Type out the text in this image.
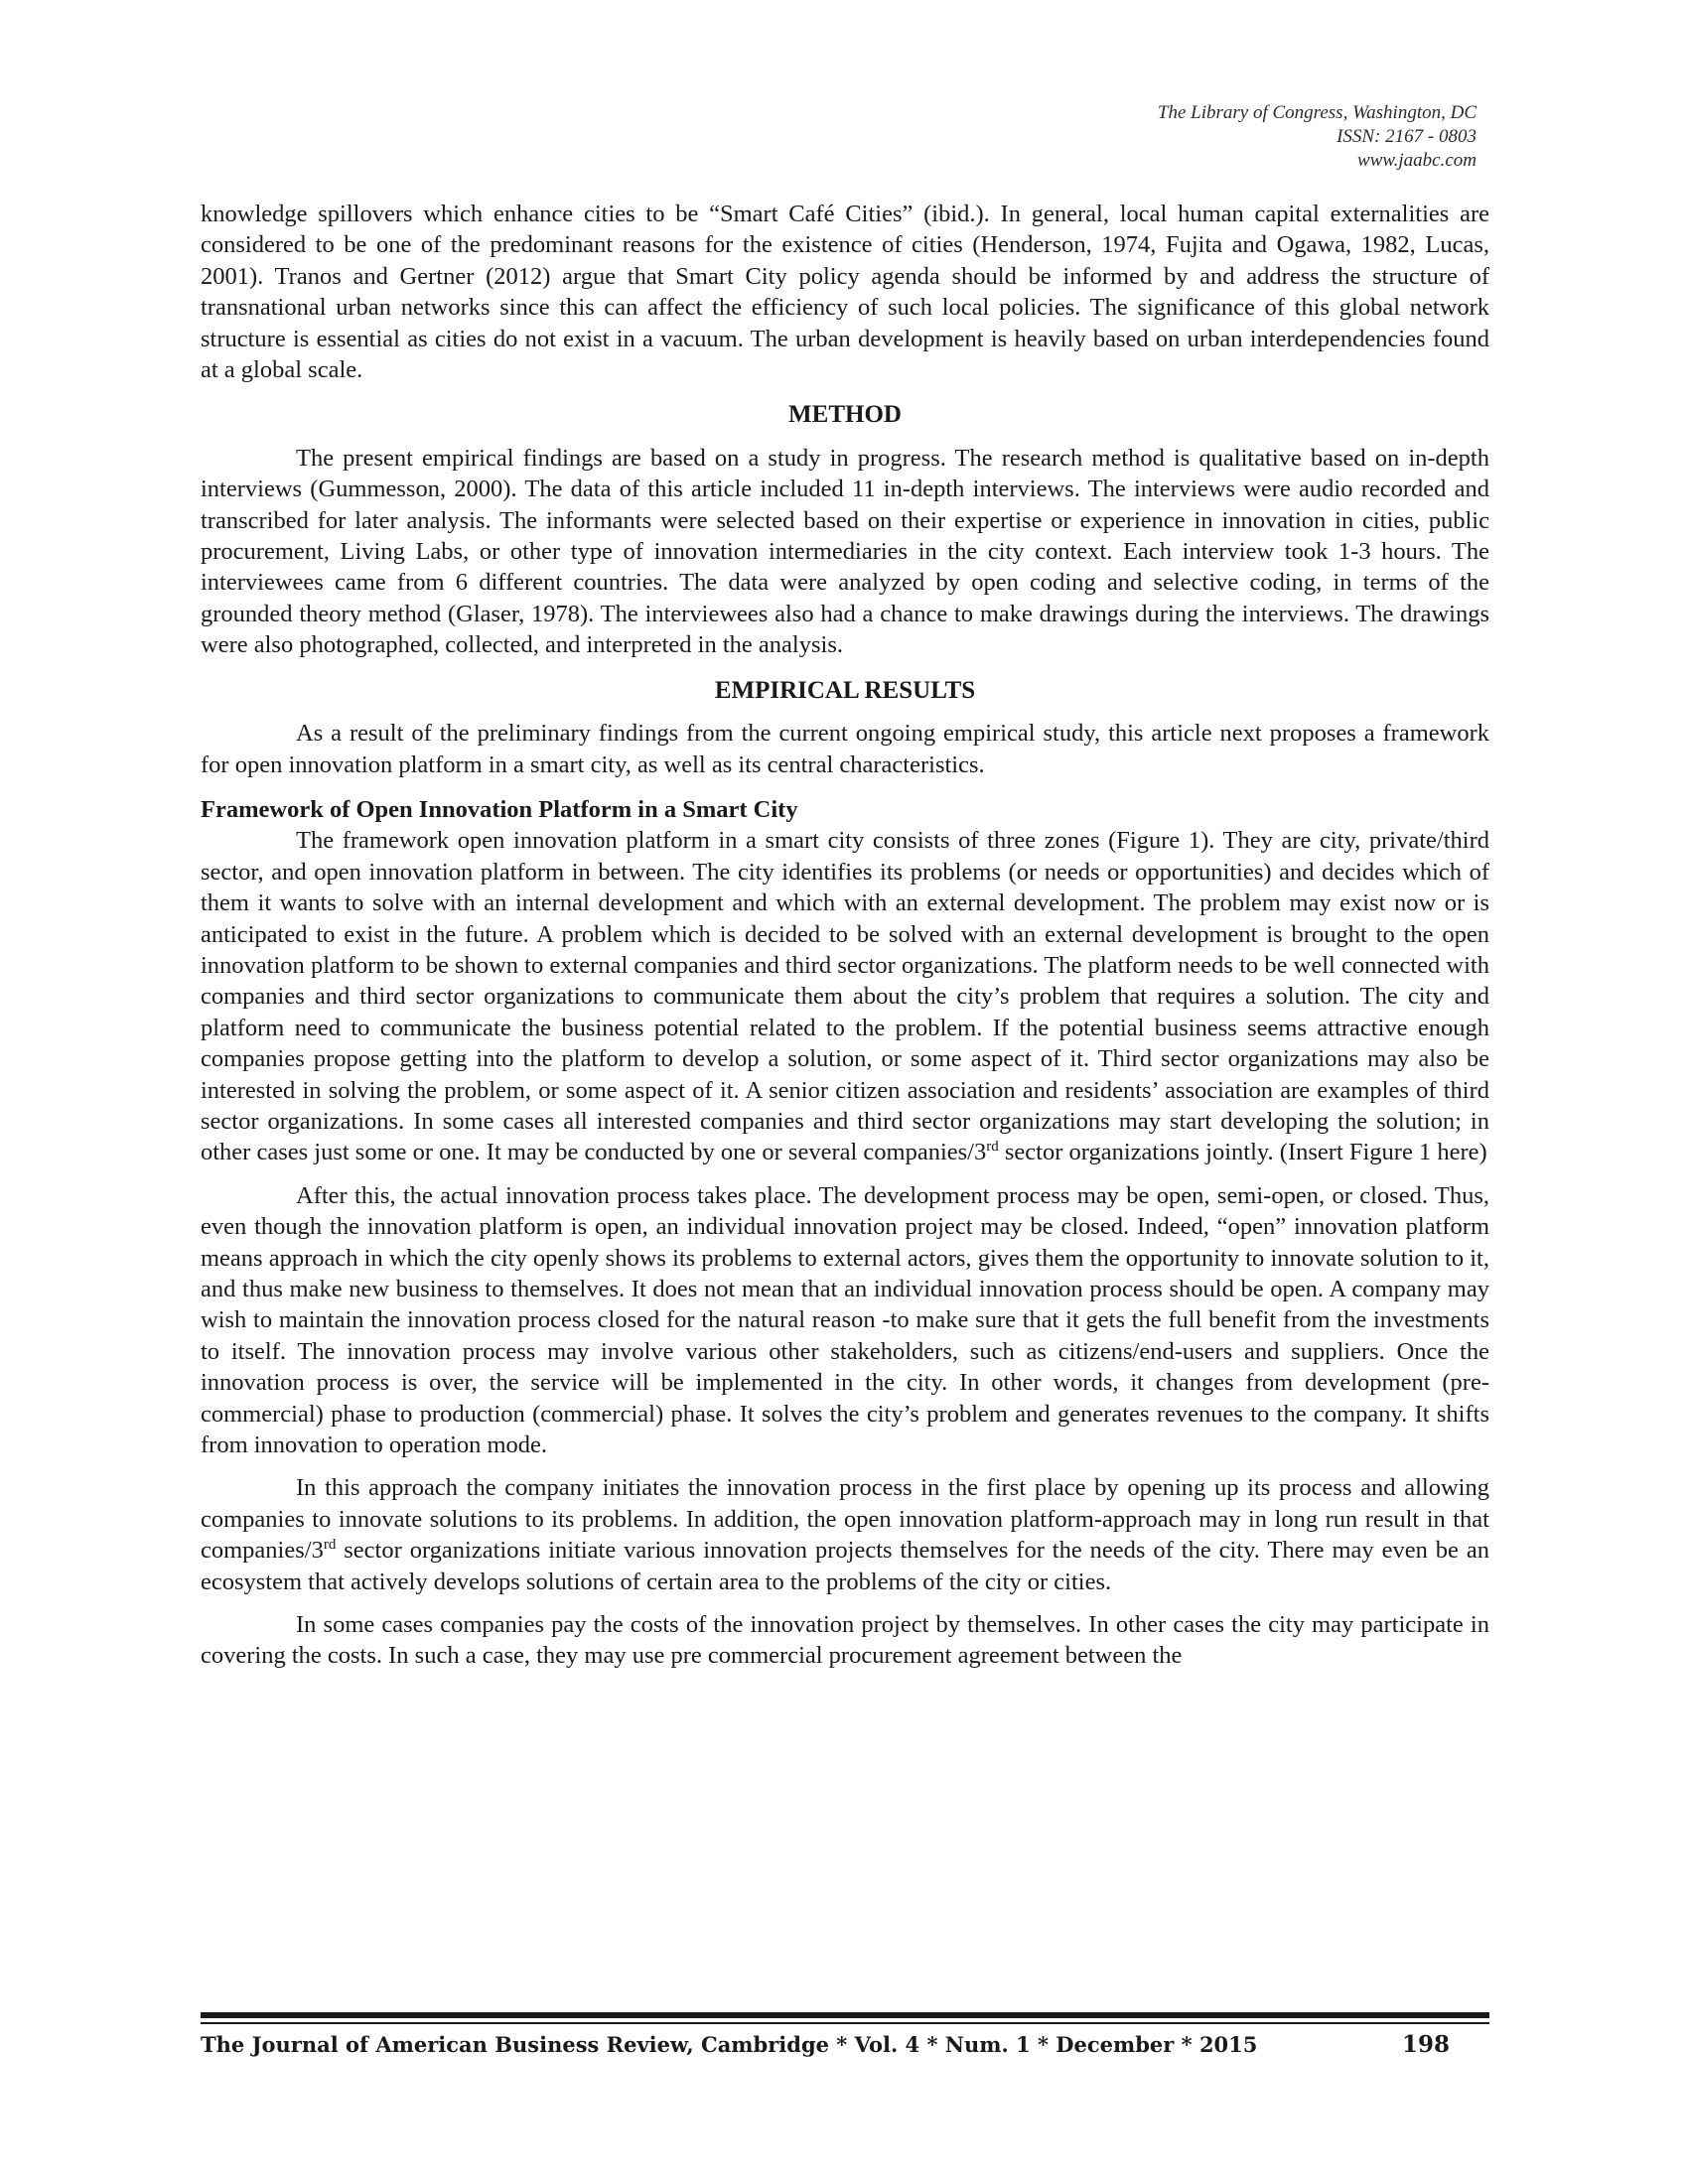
The Library of Congress, Washington, DC
ISSN: 2167 - 0803
www.jaabc.com

knowledge spillovers which enhance cities to be “Smart Café Cities” (ibid.). In general, local human capital externalities are considered to be one of the predominant reasons for the existence of cities (Henderson, 1974, Fujita and Ogawa, 1982, Lucas, 2001). Tranos and Gertner (2012) argue that Smart City policy agenda should be informed by and address the structure of transnational urban networks since this can affect the efficiency of such local policies. The significance of this global network structure is essential as cities do not exist in a vacuum. The urban development is heavily based on urban interdependencies found at a global scale.

METHOD

The present empirical findings are based on a study in progress. The research method is qualitative based on in-depth interviews (Gummesson, 2000). The data of this article included 11 in-depth interviews. The interviews were audio recorded and transcribed for later analysis. The informants were selected based on their expertise or experience in innovation in cities, public procurement, Living Labs, or other type of innovation intermediaries in the city context. Each interview took 1-3 hours. The interviewees came from 6 different countries. The data were analyzed by open coding and selective coding, in terms of the grounded theory method (Glaser, 1978). The interviewees also had a chance to make drawings during the interviews. The drawings were also photographed, collected, and interpreted in the analysis.

EMPIRICAL RESULTS

As a result of the preliminary findings from the current ongoing empirical study, this article next proposes a framework for open innovation platform in a smart city, as well as its central characteristics.

Framework of Open Innovation Platform in a Smart City

The framework open innovation platform in a smart city consists of three zones (Figure 1). They are city, private/third sector, and open innovation platform in between. The city identifies its problems (or needs or opportunities) and decides which of them it wants to solve with an internal development and which with an external development. The problem may exist now or is anticipated to exist in the future. A problem which is decided to be solved with an external development is brought to the open innovation platform to be shown to external companies and third sector organizations. The platform needs to be well connected with companies and third sector organizations to communicate them about the city’s problem that requires a solution. The city and platform need to communicate the business potential related to the problem. If the potential business seems attractive enough companies propose getting into the platform to develop a solution, or some aspect of it. Third sector organizations may also be interested in solving the problem, or some aspect of it. A senior citizen association and residents’ association are examples of third sector organizations. In some cases all interested companies and third sector organizations may start developing the solution; in other cases just some or one. It may be conducted by one or several companies/3rd sector organizations jointly. (Insert Figure 1 here)

After this, the actual innovation process takes place. The development process may be open, semi-open, or closed. Thus, even though the innovation platform is open, an individual innovation project may be closed. Indeed, “open” innovation platform means approach in which the city openly shows its problems to external actors, gives them the opportunity to innovate solution to it, and thus make new business to themselves. It does not mean that an individual innovation process should be open. A company may wish to maintain the innovation process closed for the natural reason -to make sure that it gets the full benefit from the investments to itself. The innovation process may involve various other stakeholders, such as citizens/end-users and suppliers. Once the innovation process is over, the service will be implemented in the city. In other words, it changes from development (pre-commercial) phase to production (commercial) phase. It solves the city’s problem and generates revenues to the company. It shifts from innovation to operation mode.

In this approach the company initiates the innovation process in the first place by opening up its process and allowing companies to innovate solutions to its problems. In addition, the open innovation platform-approach may in long run result in that companies/3rd sector organizations initiate various innovation projects themselves for the needs of the city. There may even be an ecosystem that actively develops solutions of certain area to the problems of the city or cities.

In some cases companies pay the costs of the innovation project by themselves. In other cases the city may participate in covering the costs. In such a case, they may use pre commercial procurement agreement between the

The Journal of American Business Review, Cambridge * Vol. 4 * Num. 1 * December * 2015	198
